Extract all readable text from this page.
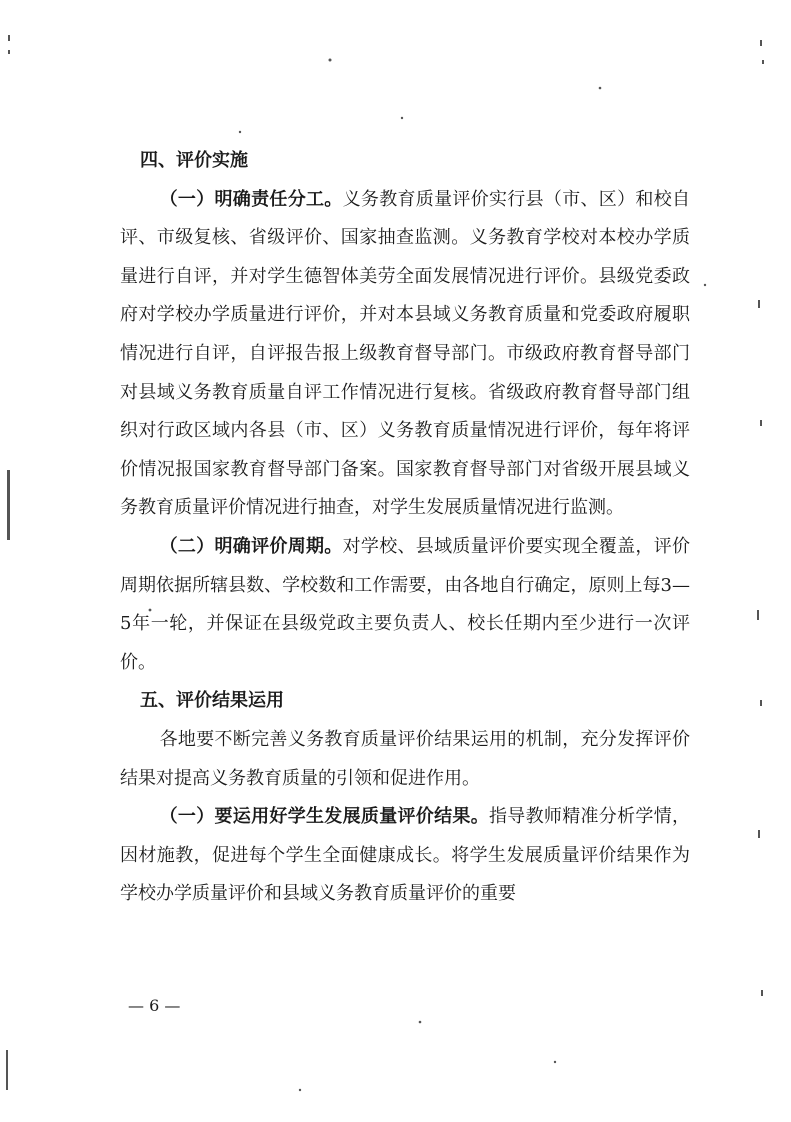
四、评价实施

（一）明确责任分工。义务教育质量评价实行县（市、区）和校自评、市级复核、省级评价、国家抽查监测。义务教育学校对本校办学质量进行自评，并对学生德智体美劳全面发展情况进行评价。县级党委政府对学校办学质量进行评价，并对本县域义务教育质量和党委政府履职情况进行自评，自评报告报上级教育督导部门。市级政府教育督导部门对县域义务教育质量自评工作情况进行复核。省级政府教育督导部门组织对行政区域内各县（市、区）义务教育质量情况进行评价，每年将评价情况报国家教育督导部门备案。国家教育督导部门对省级开展县域义务教育质量评价情况进行抽查，对学生发展质量情况进行监测。

（二）明确评价周期。对学校、县域质量评价要实现全覆盖，评价周期依据所辖县数、学校数和工作需要，由各地自行确定，原则上每3—5年一轮，并保证在县级党政主要负责人、校长任期内至少进行一次评价。

五、评价结果运用

各地要不断完善义务教育质量评价结果运用的机制，充分发挥评价结果对提高义务教育质量的引领和促进作用。

（一）要运用好学生发展质量评价结果。指导教师精准分析学情，因材施教，促进每个学生全面健康成长。将学生发展质量评价结果作为学校办学质量评价和县域义务教育质量评价的重要

— 6 —
